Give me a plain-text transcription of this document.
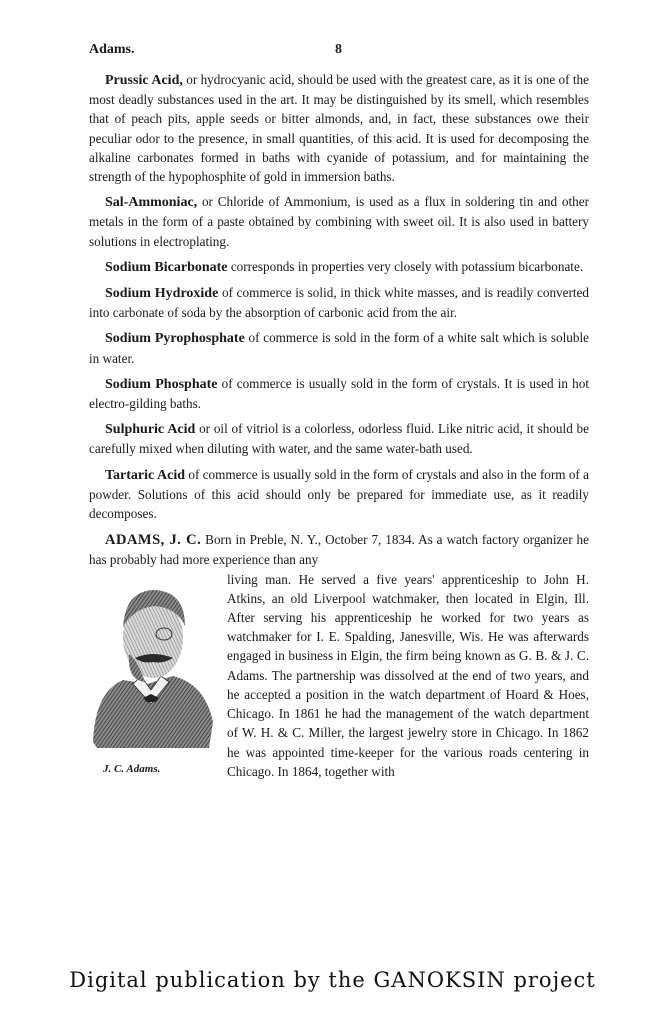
Adams.	8

Prussic Acid, or hydrocyanic acid, should be used with the greatest care, as it is one of the most deadly substances used in the art. It may be distinguished by its smell, which resembles that of peach pits, apple seeds or bitter almonds, and, in fact, these substances owe their peculiar odor to the presence, in small quantities, of this acid. It is used for decomposing the alkaline carbonates formed in baths with cyanide of potassium, and for maintaining the strength of the hypophosphite of gold in immersion baths.

Sal-Ammoniac, or Chloride of Ammonium, is used as a flux in soldering tin and other metals in the form of a paste obtained by combining with sweet oil. It is also used in battery solutions in electroplating.

Sodium Bicarbonate corresponds in properties very closely with potassium bicarbonate.

Sodium Hydroxide of commerce is solid, in thick white masses, and is readily converted into carbonate of soda by the absorption of carbonic acid from the air.

Sodium Pyrophosphate of commerce is sold in the form of a white salt which is soluble in water.

Sodium Phosphate of commerce is usually sold in the form of crystals. It is used in hot electro-gilding baths.

Sulphuric Acid or oil of vitriol is a colorless, odorless fluid. Like nitric acid, it should be carefully mixed when diluting with water, and the same water-bath used.

Tartaric Acid of commerce is usually sold in the form of crystals and also in the form of a powder. Solutions of this acid should only be prepared for immediate use, as it readily decomposes.

ADAMS, J. C. Born in Preble, N. Y., October 7, 1834. As a watch factory organizer he has probably had more experience than any

J. C. Adams.

living man. He served a five years' apprenticeship to John H. Atkins, an old Liverpool watchmaker, then located in Elgin, Ill. After serving his apprenticeship he worked for two years as watchmaker for I. E. Spalding, Janesville, Wis. He was afterwards engaged in business in Elgin, the firm being known as G. B. & J. C. Adams. The partnership was dissolved at the end of two years, and he accepted a position in the watch department of Hoard & Hoes, Chicago. In 1861 he had the management of the watch department of W. H. & C. Miller, the largest jewelry store in Chicago. In 1862 he was appointed time-keeper for the various roads centering in Chicago. In 1864, together with

Digital publication by the GANOKSIN project
